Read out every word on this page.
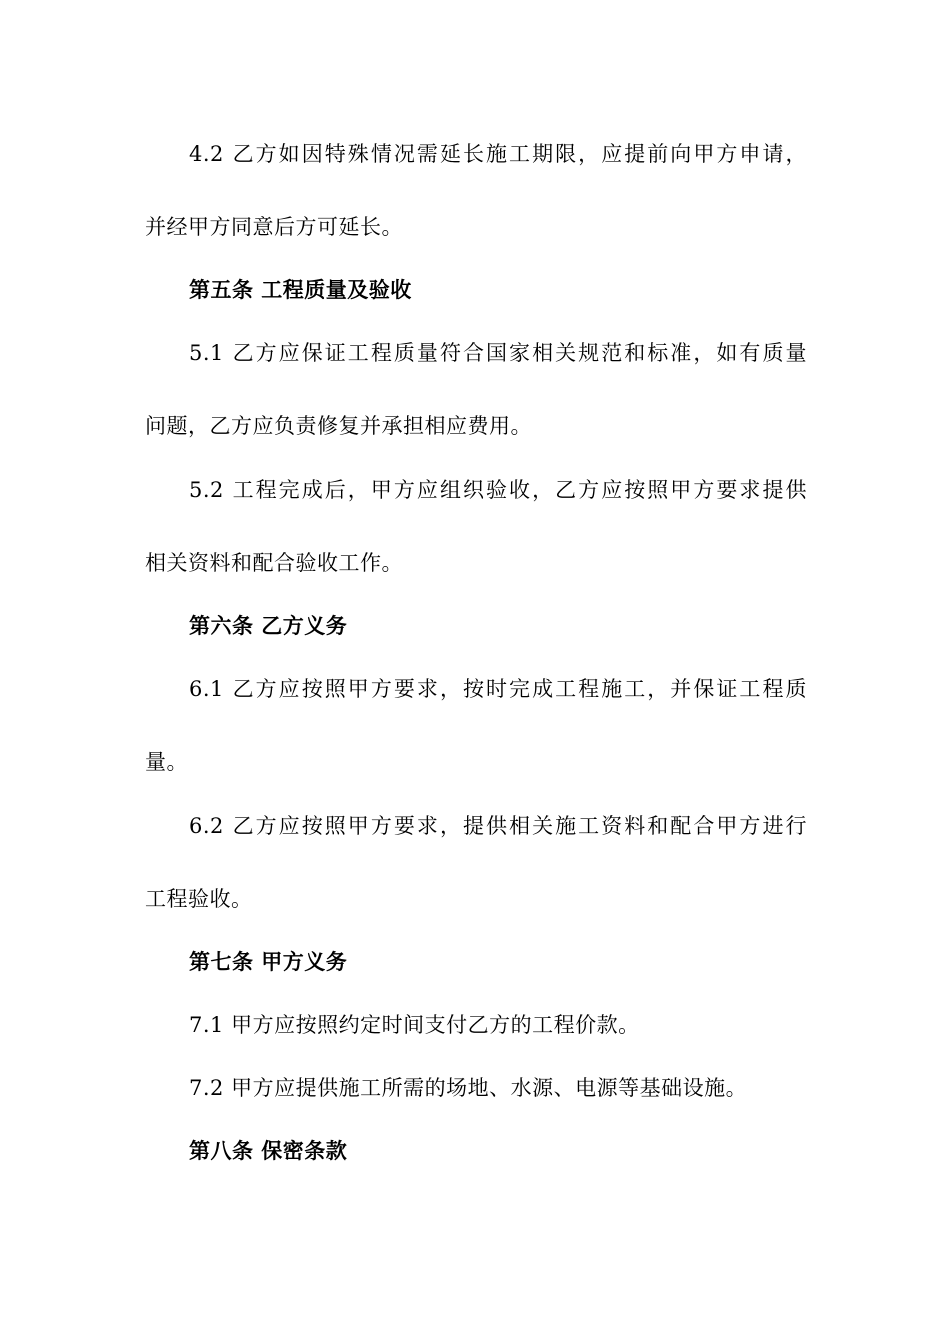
4.2 乙方如因特殊情况需延长施工期限，应提前向甲方申请，
并经甲方同意后方可延长。
第五条 工程质量及验收
5.1 乙方应保证工程质量符合国家相关规范和标准，如有质量
问题，乙方应负责修复并承担相应费用。
5.2 工程完成后，甲方应组织验收，乙方应按照甲方要求提供
相关资料和配合验收工作。
第六条 乙方义务
6.1 乙方应按照甲方要求，按时完成工程施工，并保证工程质
量。
6.2 乙方应按照甲方要求，提供相关施工资料和配合甲方进行
工程验收。
第七条 甲方义务
7.1 甲方应按照约定时间支付乙方的工程价款。
7.2 甲方应提供施工所需的场地、水源、电源等基础设施。
第八条 保密条款
